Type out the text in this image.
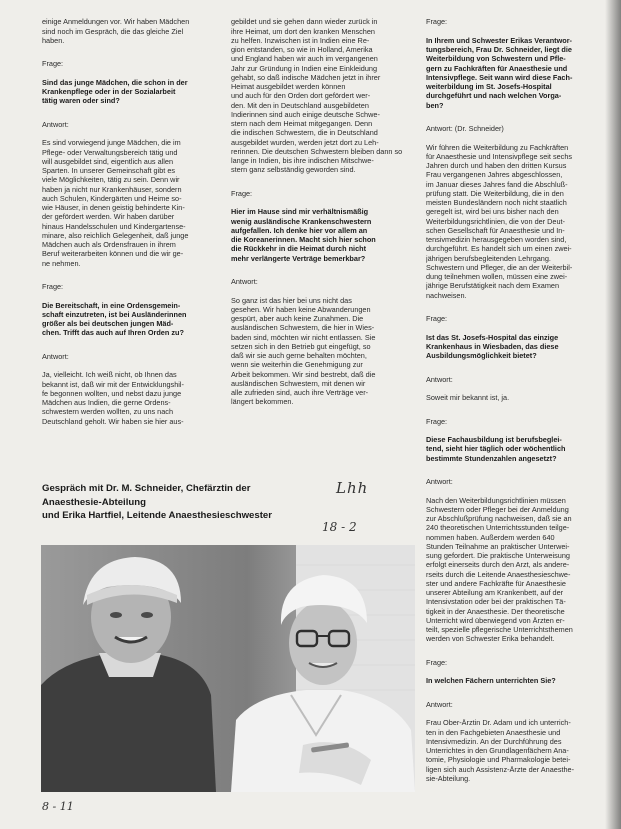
einige Anmeldungen vor. Wir haben Mädchen
sind noch im Gespräch, die das gleiche Ziel
haben.

Frage:

Sind das junge Mädchen, die schon in der
Krankenpflege oder in der Sozialarbeit
tätig waren oder sind?

Antwort:

Es sind vorwiegend junge Mädchen, die im
Pflege- oder Verwaltungsbereich tätig und
will ausgebildet sind, eigentlich aus allen
Sparten. In unserer Gemeinschaft gibt es
viele Möglichkeiten, tätig zu sein. Denn wir
haben ja nicht nur Krankenhäuser, sondern
auch Schulen, Kindergärten und Heime so-
wie Häuser, in denen geistig behinderte Kin-
der gefördert werden. Wir haben darüber
hinaus Handelsschulen und Kindergartense-
minare, also reichlich Gelegenheit, daß junge
Mädchen auch als Ordensfrauen in ihrem
Beruf weiterarbeiten können und die wir ge-
ne nehmen.

Frage:

Die Bereitschaft, in eine Ordensgemein-
schaft einzutreten, ist bei Ausländerinnen
größer als bei deutschen jungen Mäd-
chen. Trifft das auch auf Ihren Orden zu?

Antwort:

Ja, vielleicht. Ich weiß nicht, ob Ihnen das
bekannt ist, daß wir mit der Entwicklungshil-
fe begonnen wollten, und nebst dazu junge
Mädchen aus Indien, die gerne Ordens-
schwestern werden wollten, zu uns nach
Deutschland geholt. Wir haben sie hier aus-

gebildet und sie gehen dann wieder zurück in
ihre Heimat, um dort den kranken Menschen
zu helfen. Inzwischen ist in Indien eine Re-
gion entstanden, so wie in Holland, Amerika
und England haben wir auch im vergangenen
Jahr zur Gründung in Indien eine Einkleidung
gehabt, so daß indische Mädchen jetzt in ihrer
Heimat ausgebildet werden können
und auch für den Orden dort gefördert wer-
den. Mit den in Deutschland ausgebildeten
Indierinnen sind auch einige deutsche Schwe-
stern nach dem Heimat mitgegangen. Denn
die indischen Schwestern, die in Deutschland
ausgebildet wurden, werden jetzt dort zu Leh-
rerinnen. Die deutschen Schwestern bleiben dann so
lange in Indien, bis ihre indischen Mitschwe-
stern ganz selbständig geworden sind.

Frage:

Hier im Hause sind mir verhältnismäßig
wenig ausländische Krankenschwestern
aufgefallen. Ich denke hier vor allem an
die Koreanerinnen. Macht sich hier schon
die Rückkehr in die Heimat durch nicht
mehr verlängerte Verträge bemerkbar?

Antwort:

So ganz ist das hier bei uns nicht das
gesehen. Wir haben keine Abwanderungen
gespürt, aber auch keine Zunahmen. Die
ausländischen Schwestern, die hier in Wies-
baden sind, möchten wir nicht entlassen. Sie
setzen sich in den Betrieb gut eingefügt, so
daß wir sie auch gerne behalten möchten,
wenn sie weiterhin die Genehmigung zur
Arbeit bekommen. Wir sind bestrebt, daß die
ausländischen Schwestern, mit denen wir
alle zufrieden sind, auch ihre Verträge ver-
längert bekommen.

Frage:

In Ihrem und Schwester Erikas Verantwor-
tungsbereich, Frau Dr. Schneider, liegt die
Weiterbildung von Schwestern und Pfle-
gern zu Fachkräften für Anaesthesie und
Intensivpflege. Seit wann wird diese Fach-
weiterbildung im St. Josefs-Hospital
durchgeführt und nach welchen Vorga-
ben?

Antwort: (Dr. Schneider)

Wir führen die Weiterbildung zu Fachkräften
für Anaesthesie und Intensivpflege seit sechs
Jahren durch und haben den dritten Kursus
Frau vergangenen Jahres abgeschlossen,
im Januar dieses Jahres fand die Abschluß-
prüfung statt. Die Weiterbildung, die in den
meisten Bundesländern noch nicht staatlich
geregelt ist, wird bei uns bisher nach den
Weiterbildungsrichtlinien, die von der Deut-
schen Gesellschaft für Anaesthesie und In-
tensivmedizin herausgegeben worden sind,
durchgeführt. Es handelt sich um einen zwei-
jährigen berufsbegleitenden Lehrgang.
Schwestern und Pfleger, die an der Weiterbil-
dung teilnehmen wollen, müssen eine zwei-
jährige Berufstätigkeit nach dem Examen
nachweisen.

Frage:

Ist das St. Josefs-Hospital das einzige
Krankenhaus in Wiesbaden, das diese
Ausbildungsmöglichkeit bietet?

Antwort:

Soweit mir bekannt ist, ja.

Frage:

Diese Fachausbildung ist berufsbeglei-
tend, sieht hier täglich oder wöchentlich
bestimmte Stundenzahlen angesetzt?

Antwort:

Nach den Weiterbildungsrichtlinien müssen
Schwestern oder Pfleger bei der Anmeldung
zur Abschlußprüfung nachweisen, daß sie an
240 theoretischen Unterrichtsstunden teilge-
nommen haben. Außerdem werden 640
Stunden Teilnahme an praktischer Unterwei-
sung gefordert. Die praktische Unterweisung
erfolgt einerseits durch den Arzt, als andere-
rseits durch die Leitende Anaesthesieschwe-
ster und andere Fachkräfte für Anaesthesie
unserer Abteilung am Krankenbett, auf der
Intensivstation oder bei der praktischen Tä-
tigkeit in der Anaesthesie. Der theoretische
Unterricht wird überwiegend von Ärzten er-
teilt, spezielle pflegerische Unterrichtsthemen
werden von Schwester Erika behandelt.

Frage:

In welchen Fächern unterrichten Sie?

Antwort:

Frau Ober-Ärztin Dr. Adam und ich unterrich-
ten in den Fachgebieten Anaesthesie und
Intensivmedizin. An der Durchführung des
Unterrichtes in den Grundlagenfächern Ana-
tomie, Physiologie und Pharmakologie betei-
ligen sich auch Assistenz-Ärzte der Anaesthe-
sie-Abteilung.

Gespräch mit Dr. M. Schneider, Chefärztin der
Anaesthesie-Abteilung
und Erika Hartfiel, Leitende Anaesthesieschwester
Lhh
18 - 2
8 - 11
